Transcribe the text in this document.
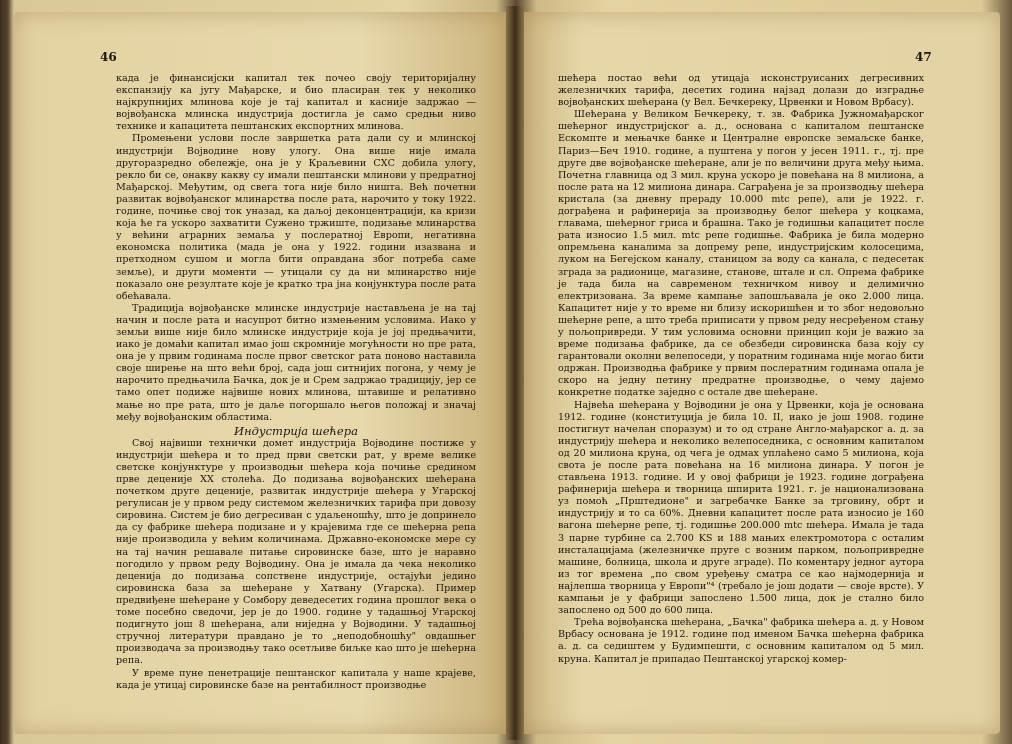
46	47

када је финансијски капитал тек почео своју територијалну експанзију ка југу Мађарске, и био пласиран тек у неколико најкрупнијих млинова које је тај капитал и касније задржао — војвођанска млинска индустрија достигла је само средњи ниво технике и капацитета пештанских експортних млинова.

Промењени услови после завршетка рата дали су и млинској индустрији Војводине нову улогу. Она више није имала другоразредно обележје, она је у Краљевини СХС добила улогу, рекло би се, онакву какву су имали пештански млинови у предратној Мађарској. Међутим, од свега тога није било ништа. Већ почетни развитак војвођанског млинарства после рата, нарочито у току 1922. године, почиње свој ток уназад, ка даљој деконцентрацији, ка кризи која ће га ускоро захватити Сужено тржиште, подизање млинарства у већини аграрних земаља у послератној Европи, негативна економска политика (мада је она у 1922. години изазвана и претходном сушом и могла бити оправдана због потреба саме земље), и други моменти — утицали су да ни млинарство није показало оне резултате које је кратко тра јна конјунктура после рата обећавала.

Традиција војвођанске млинске индустрије настављена је на тај начин и после рата и насупрот битно измењеним условима. Иако у земљи више није било млинске индустрије која је јој предњачити, иако је домаћи капитал имао још скромније могућности но пре рата, она је у првим годинама после првог светског рата поново наставила своје ширење на што већи број, сада још ситнијих погона, у чему је нарочито предњачила Бачка, док је и Срем задржао традицију, јер се тамо опет подиже највише нових млинова, штавише и релативно мање но пре рата, што је даље погоршало његов положај и значај међу војвођанским областима.

Индустрија шећера

Свој највиши технички домет индустрија Војводине постиже у индустрији шећера и то пред први светски рат, у време велике светске конјунктуре у производњи шећера која почиње средином прве деценије XX столећа. До подизања војвођанских шећерана почетком друге деценије, развитак индустрије шећера у Угарској регулисан је у првом реду системом железничких тарифа при довозу сировина. Систем је био дегресиван с удаљеношћу, што је допринело да су фабрике шећера подизане и у крајевима где се шећерна репа није производила у већим количинама. Државно-економске мере су на тај начин решавале питање сировинске базе, што је наравно погодило у првом реду Војводину. Она је имала да чека неколико деценија до подизања сопствене индустрије, остајући једино сировинска база за шећеране у Хатвану (Угарска). Пример предвиђене шећеране у Сомбору деведесетих година прошлог века о томе посебно сведочи, јер је до 1900. године у тадашњој Угарској подигнуто још 8 шећерана, али ниједна у Војводини. У тадашњој стручној литератури правдано је то „неподобношћу" овдашњег производача за производњу тако осетљиве биљке као што је шећерна репа.

У време пуне пенетрације пештанског капитала у наше крајеве, када је утицај сировинске базе на рентабилност производње

шећера постао већи од утицаја исконструисаних дегресивних железничких тарифа, десетих година најзад долази до изградње војвођанских шећерана (у Вел. Бечкереку, Црвенки и Новом Врбасу).

Шећерана у Великом Бечкереку, т. зв. Фабрика Јужномађарског шећерног индустријског а. д., основана с капиталом пештанске Ескомпте и мењачке банке и Централне европске земаљске банке, Париз—Беч 1910. године, а пуштена у погон у јесен 1911. г., тј. пре друге две војвођанске шећеране, али је по величини друга међу њима. Почетна главница од 3 мил. круна ускоро је повећана на 8 милиона, а после рата на 12 милиона динара. Саграђена је за производњу шећера кристала (за дневну прераду 10.000 mtc репе), али је 1922. г. дограђена и рафинерија за производњу белог шећера у коцкама, главама, шећерног гриса и брашна. Тако је годишњи капацитет после рата износио 1.5 мил. mtc репе годишње. Фабрика је била модерно опремљена каналима за допрему репе, индустријским колосецима, луком на Бегејском каналу, станицом за воду са канала, с педесетак зграда за радионице, магазине, станове, штале и сл. Опрема фабрике је тада била на савременом техничком нивоу и делимично електризована. За време кампање запошљавала је око 2.000 лица. Капацитет није у то време ни близу искоришћен и то због недовољно шећерне репе, а што треба приписати у првом реду несређеном стању у пољопривреди. У тим условима основни принцип који је важио за време подизања фабрике, да се обезбеди сировинска база коју су гарантовали околни велепоседи, у поратним годинама није могао бити одржан. Производња фабрике у првим послератним годинама опала је скоро на једну петину предратне производње, о чему дајемо конкретне податке заједно с осталe две шећеране.

Највећа шећерана у Војводини је она у Црвенки, која је основана 1912. године (конституција је била 10. II, иако је још 1908. године постигнут начелан споразум) и то од стране Англо-мађарског а. д. за индустрију шећера и неколико велепоседника, с основним капиталом од 20 милиона круна, од чега је одмах уплаћено само 5 милиона, која свота је после рата повећана на 16 милиона динара. У погон је стављена 1913. године. И у овој фабрици је 1923. године дограђена рафинерија шећера и творница шпирита 1921. г. је национализована уз помоћ „Прштедионе" и загребачке Банке за трговину, обрт и индустрију и то са 60%. Дневни капацитет после рата износио је 160 вагона шећерне репе, тј. годишње 200.000 mtc шећера. Имала је тада 3 парне турбине са 2.700 KS и 188 мањих електромотора с осталим инсталацијама (железничке пруге с возним парком, пољопривредне машине, болница, школа и друге зграде). По коментару једног аутора из тог времена „по свом уређењу сматра се као најмодернија и најлепша творница у Европи"⁴ (требало је још додати — своје врсте). У кампањи је у фабрици запослено 1.500 лица, док је стално било запослено од 500 до 600 лица.

Трећа војвођанска шећерана, „Бачка" фабрика шећера а. д. у Новом Врбасу основана је 1912. године под именом Бачка шећерна фабрика а. д. са седиштем у Будимпешти, с основним капиталом од 5 мил. круна. Капитал је припадао Пештанској угарској комер-
